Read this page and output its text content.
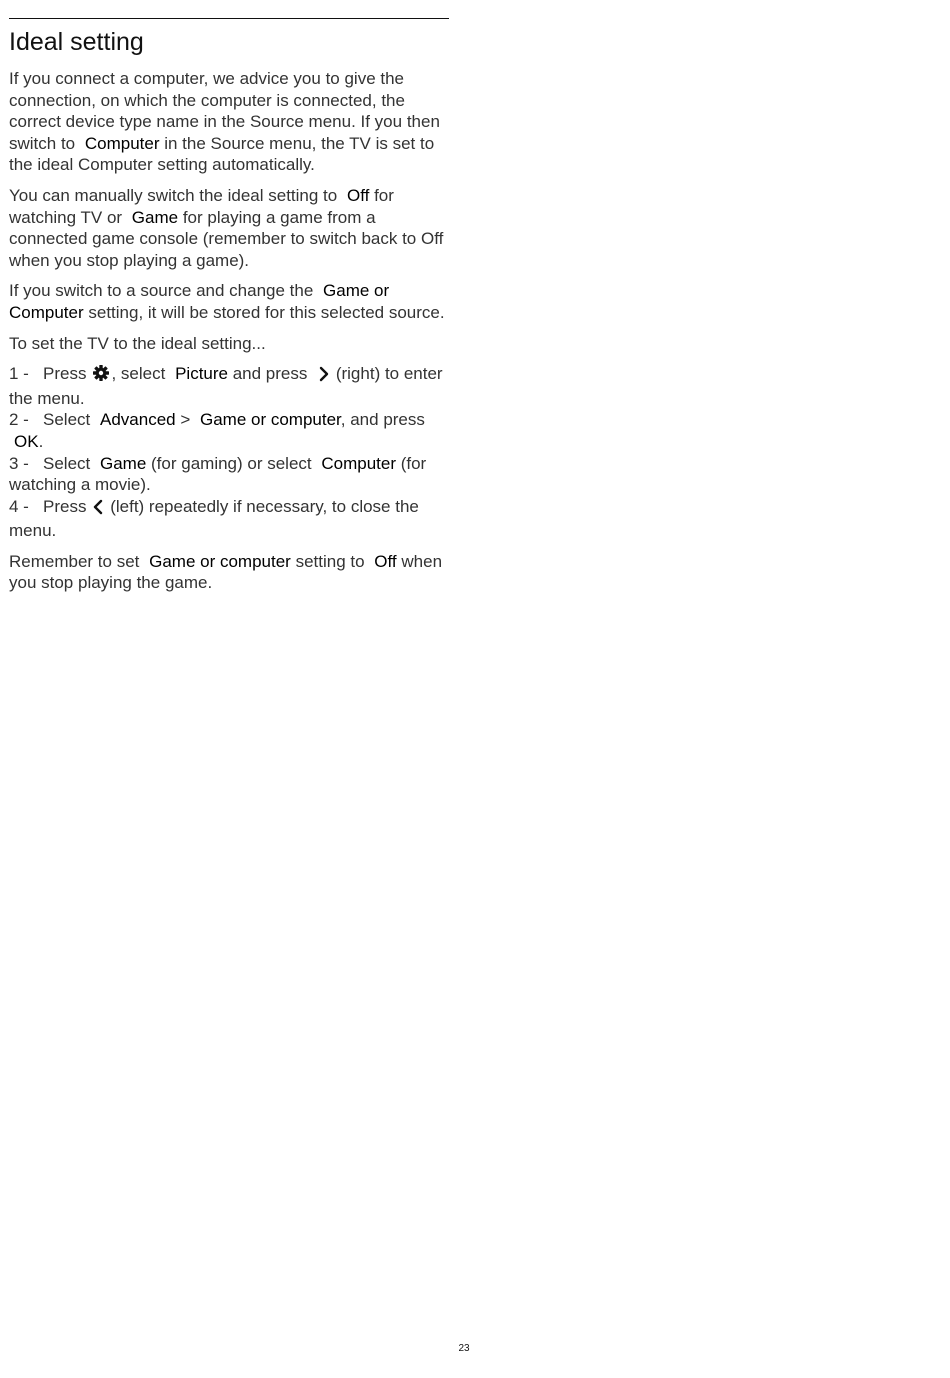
Ideal setting

If you connect a computer, we advice you to give the connection, on which the computer is connected, the correct device type name in the Source menu. If you then switch to Computer in the Source menu, the TV is set to the ideal Computer setting automatically.

You can manually switch the ideal setting to Off for watching TV or Game for playing a game from a connected game console (remember to switch back to Off when you stop playing a game).

If you switch to a source and change the Game or Computer setting, it will be stored for this selected source.

To set the TV to the ideal setting...

1 - Press , select Picture and press  (right) to enter the menu.
2 - Select Advanced > Game or computer, and press OK.
3 - Select Game (for gaming) or select Computer (for watching a movie).
4 - Press (left) repeatedly if necessary, to close the menu.

Remember to set Game or computer setting to Off when you stop playing the game.

23
